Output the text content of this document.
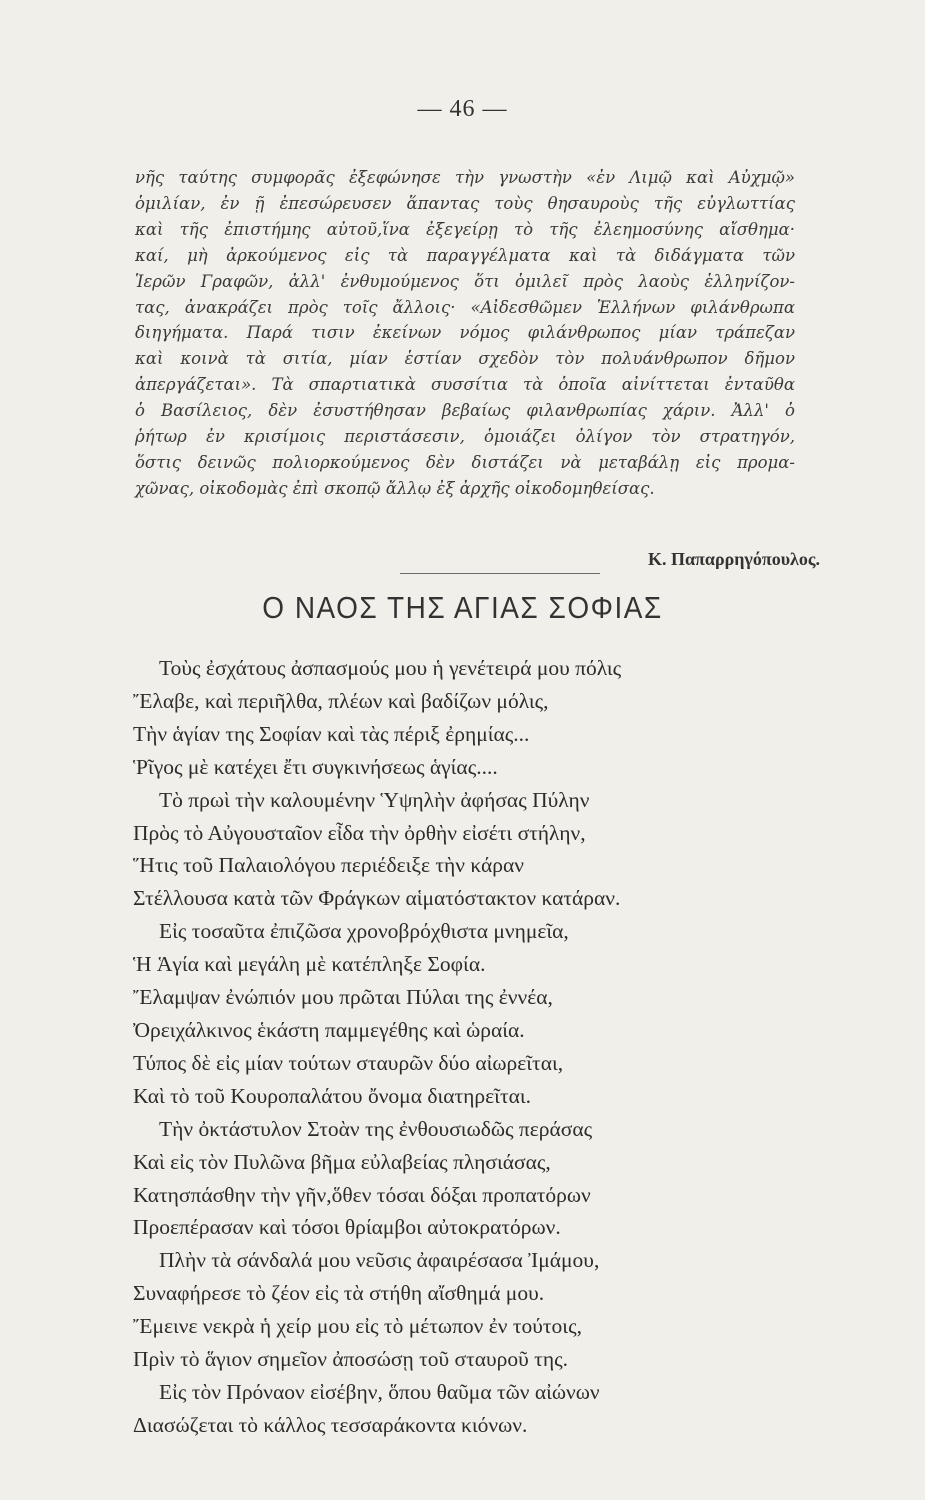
— 46 —
νῆς ταύτης συμφορᾶς ἐξεφώνησε τὴν γνωστὴν «ἐν Λιμῷ καὶ Αὐχμῷ»
ὁμιλίαν, ἐν ῇ ἐπεσώρευσεν ἅπαντας τοὺς θησαυροὺς τῆς εὐγλωττίας
καὶ τῆς ἐπιστήμης αὐτοῦ,ἵνα ἐξεγείρῃ τὸ τῆς ἐλεημοσύνης αἴσθημα·
καί, μὴ ἀρκούμενος εἰς τὰ παραγγέλματα καὶ τὰ διδάγματα τῶν
Ἱερῶν Γραφῶν, ἀλλ' ἐνθυμούμενος ὅτι ὁμιλεῖ πρὸς λαοὺς ἑλληνίζον-
τας, ἀνακράζει πρὸς τοῖς ἄλλοις· «Αἰδεσθῶμεν Ἑλλήνων φιλάνθρωπα
διηγήματα. Παρά τισιν ἐκείνων νόμος φιλάνθρωπος μίαν τράπεζαν
καὶ κοινὰ τὰ σιτία, μίαν ἑστίαν σχεδὸν τὸν πολυάνθρωπον δῆμον
ἀπεργάζεται». Τὰ σπαρτιατικὰ συσσίτια τὰ ὁποῖα αἰνίττεται ἐνταῦθα
ὁ Βασίλειος, δὲν ἐσυστήθησαν βεβαίως φιλανθρωπίας χάριν. Ἀλλ' ὁ
ῥήτωρ ἐν κρισίμοις περιστάσεσιν, ὁμοιάζει ὀλίγον τὸν στρατηγόν,
ὅστις δεινῶς πολιορκούμενος δὲν διστάζει νὰ μεταβάλῃ εἰς προμα-
χῶνας, οἰκοδομὰς ἐπὶ σκοπῷ ἄλλῳ ἐξ ἀρχῆς οἰκοδομηθείσας.
Κ. Παπαρρηγόπουλος.
Ο ΝΑΟΣ ΤΗΣ ΑΓΙΑΣ ΣΟΦΙΑΣ
Τοὺς ἐσχάτους ἀσπασμούς μου ἡ γενέτειρά μου πόλις
Ἔλαβε, καὶ περιῆλθα, πλέων καὶ βαδίζων μόλις,
Τὴν ἁγίαν της Σοφίαν καὶ τὰς πέριξ ἐρημίας...
Ῥῖγος μὲ κατέχει ἔτι συγκινήσεως ἁγίας....
Τὸ πρωὶ τὴν καλουμένην Ὑψηλὴν ἀφήσας Πύλην
Πρὸς τὸ Αὐγουσταῖον εἶδα τὴν ὀρθὴν εἰσέτι στήλην,
Ἥτις τοῦ Παλαιολόγου περιέδειξε τὴν κάραν
Στέλλουσα κατὰ τῶν Φράγκων αἱματόστακτον κατάραν.
Εἰς τοσαῦτα ἐπιζῶσα χρονοβρόχθιστα μνημεῖα,
Ἡ Ἁγία καὶ μεγάλη μὲ κατέπληξε Σοφία.
Ἔλαμψαν ἐνώπιόν μου πρῶται Πύλαι της ἐννέα,
Ὀρειχάλκινος ἑκάστη παμμεγέθης καὶ ὡραία.
Τύπος δὲ εἰς μίαν τούτων σταυρῶν δύο αἰωρεῖται,
Καὶ τὸ τοῦ Κουροπαλάτου ὄνομα διατηρεῖται.
Τὴν ὀκτάστυλον Στοὰν της ἐνθουσιωδῶς περάσας
Καὶ εἰς τὸν Πυλῶνα βῆμα εὐλαβείας πλησιάσας,
Κατησπάσθην τὴν γῆν,ὅθεν τόσαι δόξαι προπατόρων
Προεπέρασαν καὶ τόσοι θρίαμβοι αὐτοκρατόρων.
Πλὴν τὰ σάνδαλά μου νεῦσις ἀφαιρέσασα Ἰμάμου,
Συναφήρεσε τὸ ζέον εἰς τὰ στήθη αἴσθημά μου.
Ἔμεινε νεκρὰ ἡ χείρ μου εἰς τὸ μέτωπον ἐν τούτοις,
Πρὶν τὸ ἅγιον σημεῖον ἀποσώσῃ τοῦ σταυροῦ της.
Εἰς τὸν Πρόναον εἰσέβην, ὅπου θαῦμα τῶν αἰώνων
Διασώζεται τὸ κάλλος τεσσαράκοντα κιόνων.
